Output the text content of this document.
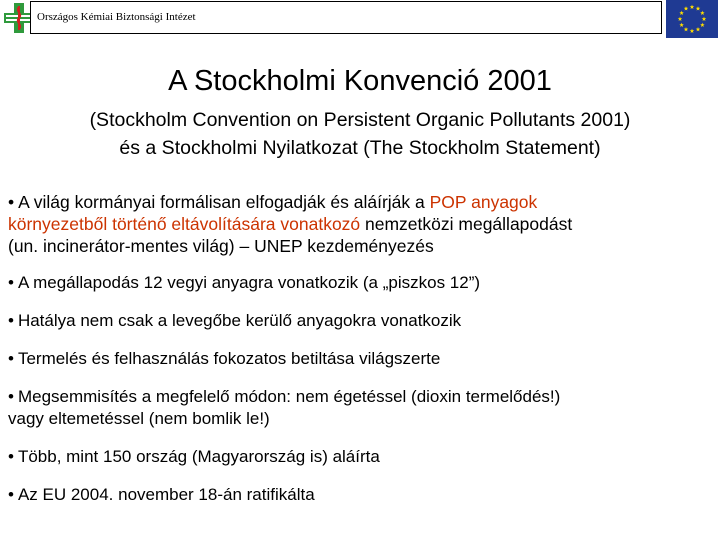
Országos Kémiai Biztonsági Intézet
A Stockholmi Konvenció 2001
(Stockholm Convention on Persistent Organic Pollutants 2001)
és a Stockholmi Nyilatkozat (The Stockholm Statement)
• A világ kormányai formálisan elfogadják és aláírják a POP anyagok
környezetből történő eltávolítására vonatkozó nemzetközi megállapodást
(un. incinerátor-mentes világ) – UNEP kezdeményezés
• A megállapodás 12 vegyi anyagra vonatkozik (a „piszkos 12”)
• Hatálya nem csak a levegőbe kerülő anyagokra vonatkozik
• Termelés és felhasználás fokozatos betiltása világszerte
• Megsemmisítés a megfelelő módon: nem égetéssel (dioxin termelődés!)
vagy eltemetéssel (nem bomlik le!)
• Több, mint 150 ország (Magyarország is) aláírta
• Az EU 2004. november 18-án ratifikálta
